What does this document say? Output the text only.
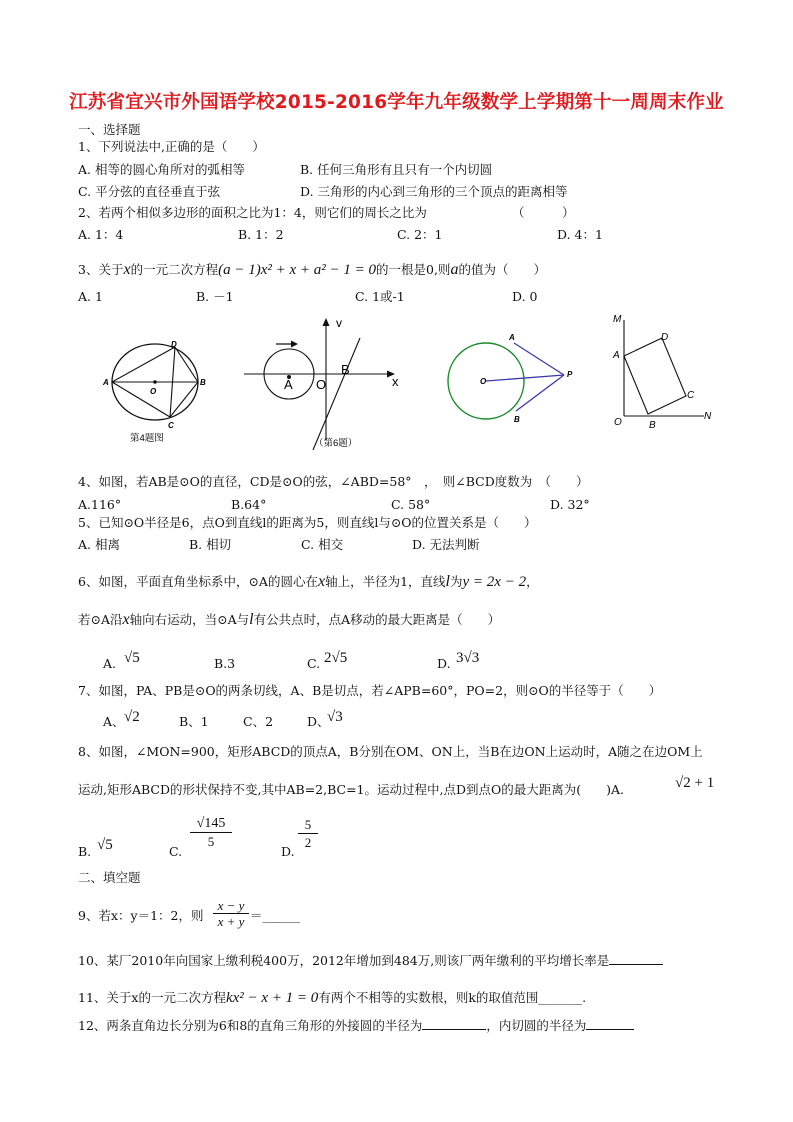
江苏省宜兴市外国语学校2015-2016学年九年级数学上学期第十一周周末作业
一、选择题
1、下列说法中,正确的是（　　）
A. 相等的圆心角所对的弧相等	B. 任何三角形有且只有一个内切圆
C. 平分弦的直径垂直于弦	D. 三角形的内心到三角形的三个顶点的距离相等
2、若两个相似多边形的面积之比为1：4，则它们的周长之比为	（　　　）
A. 1：4	B. 1：2	C. 2：1	D. 4：1
3、关于x的一元二次方程(a − 1)x² + x + a² − 1 = 0的一根是0,则a的值为（　　）
A. 1	B. －1	C. 1或-1	D. 0
D
A	B
O
C
第4题图
v
x
A O
B
（第6题）
A
O
P
B
M
D
A
C
O	B
N
4、如图，若AB是⊙O的直径，CD是⊙O的弦，∠ABD=58°　，　则∠BCD度数为　（　　）
A.116°	B.64°	C. 58°	D. 32°
5、已知⊙O半径是6，点O到直线l的距离为5，则直线l与⊙O的位置关系是（　　）
A. 相离	B. 相切	C. 相交	D. 无法判断
6、如图，平面直角坐标系中，⊙A的圆心在x轴上，半径为1，直线l为y = 2x − 2，
若⊙A沿x轴向右运动，当⊙A与l有公共点时，点A移动的最大距离是（　　）
A. √5	B.3	C. 2√5	D. 3√3
7、如图，PA、PB是⊙O的两条切线，A、B是切点，若∠APB=60°，PO=2，则⊙O的半径等于（　　）
A、 √2	B、1	C、2	D、
√3
8、如图，∠MON=900，矩形ABCD的顶点A，B分别在OM、ON上，当B在边ON上运动时，A随之在边OM上
运动,矩形ABCD的形状保持不变,其中AB=2,BC=1。运动过程中,点D到点O的最大距离为(　　)A.	√2 + 1
B. √5	C.
$\frac{√145}{5}$
D.
$\frac{5}{2}$
二、填空题
9、若x：y＝1：2，则 $\frac{x - y}{x + y}$ ＝______
10、某厂2010年向国家上缴利税400万，2012年增加到484万,则该厂两年缴利的平均增长率是
11、关于x的一元二次方程kx² − x + 1 = 0有两个不相等的实数根，则k的取值范围_______.
12、两条直角边长分别为6和8的直角三角形的外接圆的半径为	，内切圆的半径为
